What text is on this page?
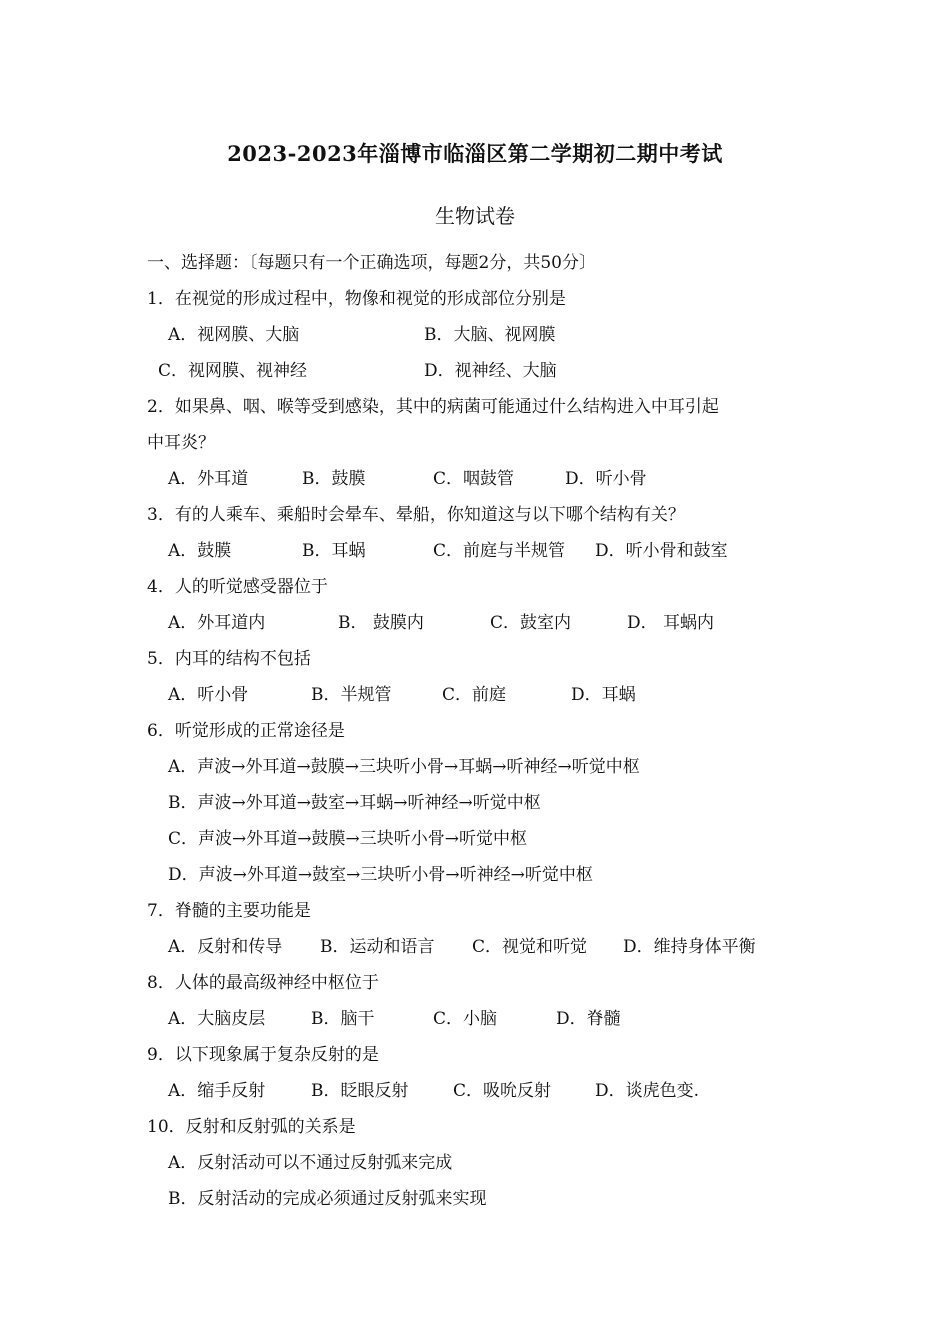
2023-2023年淄博市临淄区第二学期初二期中考试
生物试卷
一、选择题：〔每题只有一个正确选项，每题2分，共50分〕
1．在视觉的形成过程中，物像和视觉的形成部位分别是
A．视网膜、大脑	B．大脑、视网膜
C．视网膜、视神经	D．视神经、大脑
2．如果鼻、咽、喉等受到感染，其中的病菌可能通过什么结构进入中耳引起
中耳炎？
A．外耳道	B．鼓膜	C．咽鼓管	D．听小骨
3．有的人乘车、乘船时会晕车、晕船，你知道这与以下哪个结构有关？
A．鼓膜	B．耳蜗	C．前庭与半规管 D．听小骨和鼓室
4．人的听觉感受器位于
A．外耳道内	B． 鼓膜内	C．鼓室内	D． 耳蜗内
5．内耳的结构不包括
A．听小骨	B．半规管	C．前庭	D．耳蜗
6．听觉形成的正常途径是
A．声波→外耳道→鼓膜→三块听小骨→耳蜗→听神经→听觉中枢
B．声波→外耳道→鼓室→耳蜗→听神经→听觉中枢
C．声波→外耳道→鼓膜→三块听小骨→听觉中枢
D．声波→外耳道→鼓室→三块听小骨→听神经→听觉中枢
7．脊髓的主要功能是
A．反射和传导 B．运动和语言 C．视觉和听觉 D．维持身体平衡
8．人体的最高级神经中枢位于
A．大脑皮层	B．脑干	C．小脑	D．脊髓
9．以下现象属于复杂反射的是
A．缩手反射	B．眨眼反射	C．吸吮反射	D．谈虎色变.
10．反射和反射弧的关系是
A．反射活动可以不通过反射弧来完成
B．反射活动的完成必须通过反射弧来实现
